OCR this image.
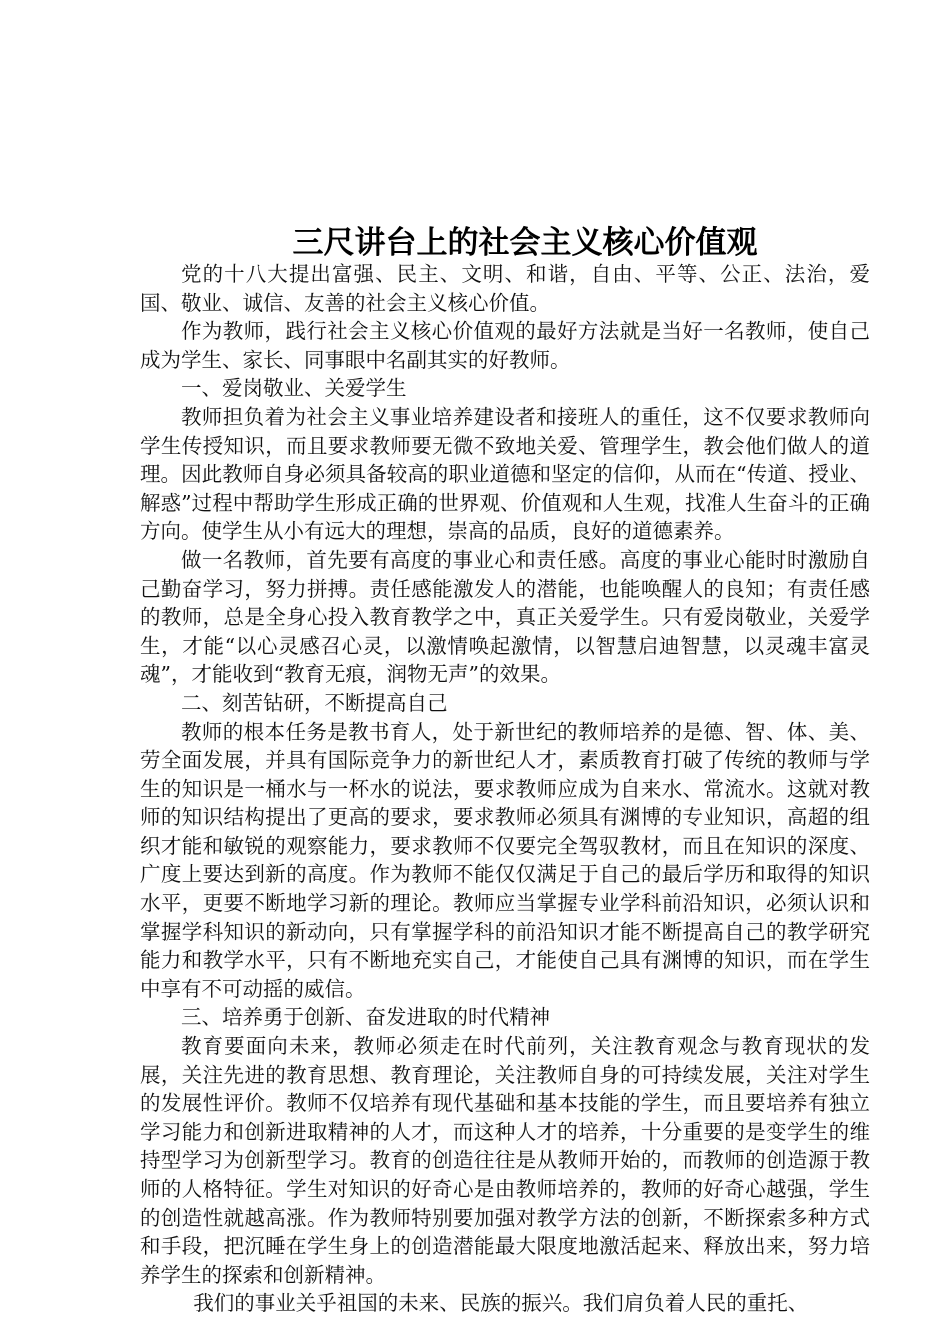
三尺讲台上的社会主义核心价值观

党的十八大提出富强、民主、文明、和谐，自由、平等、公正、法治，爱国、敬业、诚信、友善的社会主义核心价值。

作为教师，践行社会主义核心价值观的最好方法就是当好一名教师，使自己成为学生、家长、同事眼中名副其实的好教师。

一、爱岗敬业、关爱学生

教师担负着为社会主义事业培养建设者和接班人的重任，这不仅要求教师向学生传授知识，而且要求教师要无微不致地关爱、管理学生，教会他们做人的道理。因此教师自身必须具备较高的职业道德和坚定的信仰，从而在“传道、授业、解惑”过程中帮助学生形成正确的世界观、价值观和人生观，找准人生奋斗的正确方向。使学生从小有远大的理想，崇高的品质，良好的道德素养。

做一名教师，首先要有高度的事业心和责任感。高度的事业心能时时激励自己勤奋学习，努力拼搏。责任感能激发人的潜能，也能唤醒人的良知；有责任感的教师，总是全身心投入教育教学之中，真正关爱学生。只有爱岗敬业，关爱学生，才能“以心灵感召心灵，以激情唤起激情，以智慧启迪智慧，以灵魂丰富灵魂”，才能收到“教育无痕，润物无声”的效果。

二、刻苦钻研，不断提高自己

教师的根本任务是教书育人，处于新世纪的教师培养的是德、智、体、美、劳全面发展，并具有国际竞争力的新世纪人才，素质教育打破了传统的教师与学生的知识是一桶水与一杯水的说法，要求教师应成为自来水、常流水。这就对教师的知识结构提出了更高的要求，要求教师必须具有渊博的专业知识，高超的组织才能和敏锐的观察能力，要求教师不仅要完全驾驭教材，而且在知识的深度、广度上要达到新的高度。作为教师不能仅仅满足于自己的最后学历和取得的知识水平，更要不断地学习新的理论。教师应当掌握专业学科前沿知识，必须认识和掌握学科知识的新动向，只有掌握学科的前沿知识才能不断提高自己的教学研究能力和教学水平，只有不断地充实自己，才能使自己具有渊博的知识，而在学生中享有不可动摇的威信。

三、培养勇于创新、奋发进取的时代精神

教育要面向未来，教师必须走在时代前列，关注教育观念与教育现状的发展，关注先进的教育思想、教育理论，关注教师自身的可持续发展，关注对学生的发展性评价。教师不仅培养有现代基础和基本技能的学生，而且要培养有独立学习能力和创新进取精神的人才，而这种人才的培养，十分重要的是变学生的维持型学习为创新型学习。教育的创造往往是从教师开始的，而教师的创造源于教师的人格特征。学生对知识的好奇心是由教师培养的，教师的好奇心越强，学生的创造性就越高涨。作为教师特别要加强对教学方法的创新，不断探索多种方式和手段，把沉睡在学生身上的创造潜能最大限度地激活起来、释放出来，努力培养学生的探索和创新精神。

我们的事业关乎祖国的未来、民族的振兴。我们肩负着人民的重托、
